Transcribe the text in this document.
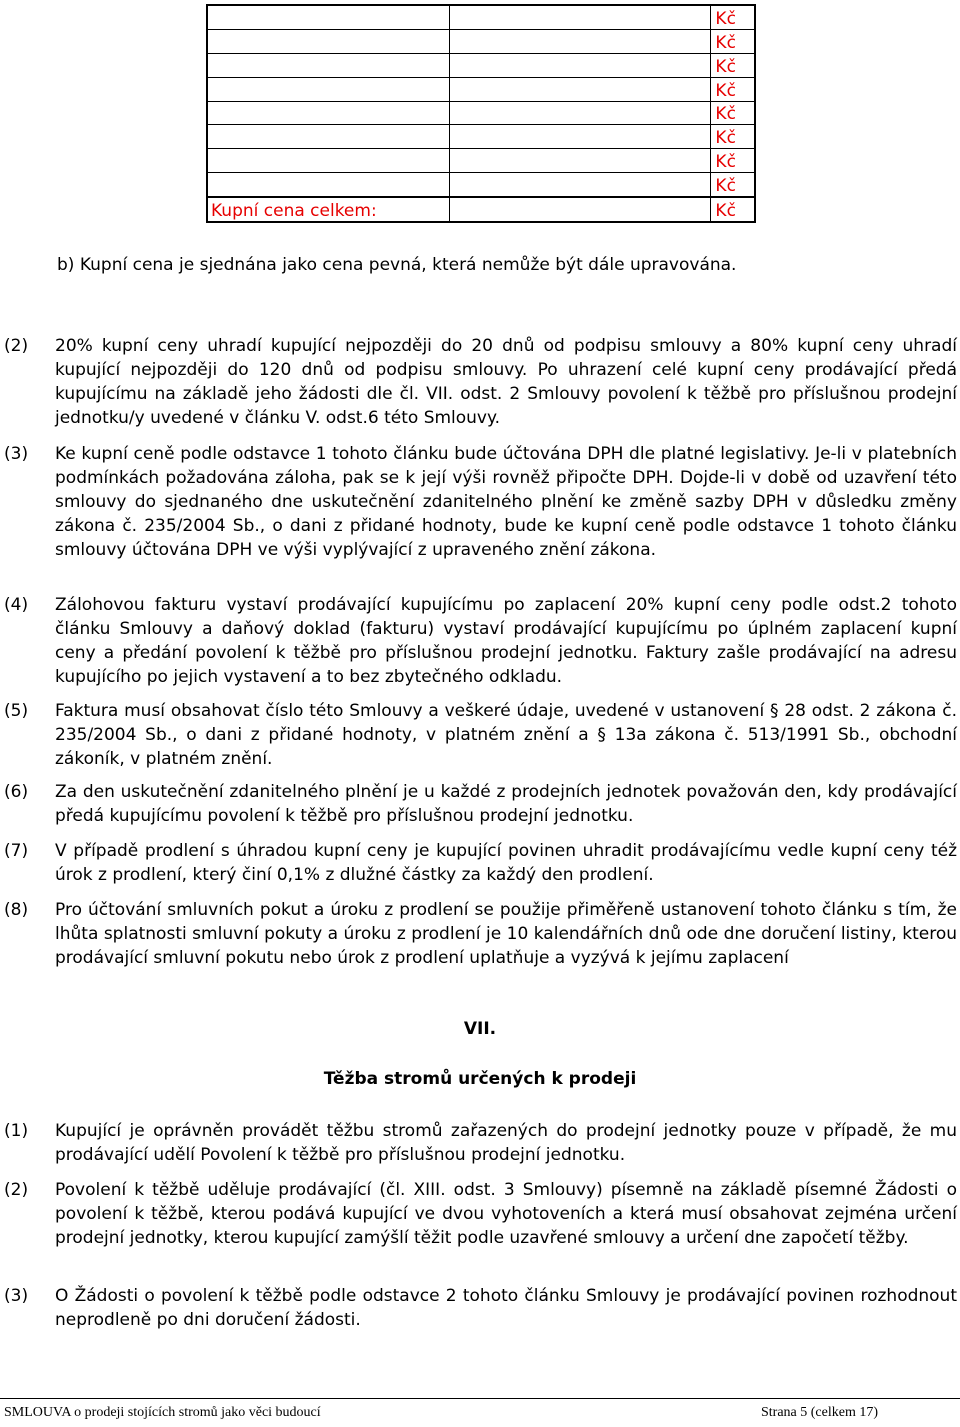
		Kč
		Kč
		Kč
		Kč
		Kč
		Kč
		Kč
		Kč
Kupní cena celkem:		Kč
b) Kupní cena je sjednána jako cena pevná, která nemůže být dále upravována.
(2) 20% kupní ceny uhradí kupující nejpozději do 20 dnů od podpisu smlouvy a 80% kupní ceny uhradí kupující nejpozději do 120 dnů od podpisu smlouvy. Po uhrazení celé kupní ceny prodávající předá kupujícímu na základě jeho žádosti dle čl. VII. odst. 2 Smlouvy povolení k těžbě pro příslušnou prodejní jednotku/y uvedené v článku V. odst.6 této Smlouvy.
(3) Ke kupní ceně podle odstavce 1 tohoto článku bude účtována DPH dle platné legislativy. Je-li v platebních podmínkách požadována záloha, pak se k její výši rovněž připočte DPH. Dojde-li v době od uzavření této smlouvy do sjednaného dne uskutečnění zdanitelného plnění ke změně sazby DPH v důsledku změny zákona č. 235/2004 Sb., o dani z přidané hodnoty, bude ke kupní ceně podle odstavce 1 tohoto článku smlouvy účtována DPH ve výši vyplývající z upraveného znění zákona.
(4) Zálohovou fakturu vystaví prodávající kupujícímu po zaplacení 20% kupní ceny podle odst.2 tohoto článku Smlouvy a daňový doklad (fakturu) vystaví prodávající kupujícímu po úplném zaplacení kupní ceny a předání povolení k těžbě pro příslušnou prodejní jednotku. Faktury zašle prodávající na adresu kupujícího po jejich vystavení a to bez zbytečného odkladu.
(5) Faktura musí obsahovat číslo této Smlouvy a veškeré údaje, uvedené v ustanovení § 28 odst. 2 zákona č. 235/2004 Sb., o dani z přidané hodnoty, v platném znění a § 13a zákona č. 513/1991 Sb., obchodní zákoník, v platném znění.
(6) Za den uskutečnění zdanitelného plnění je u každé z prodejních jednotek považován den, kdy prodávající předá kupujícímu povolení k těžbě pro příslušnou prodejní jednotku.
(7) V případě prodlení s úhradou kupní ceny je kupující povinen uhradit prodávajícímu vedle kupní ceny též úrok z prodlení, který činí 0,1% z dlužné částky za každý den prodlení.
(8) Pro účtování smluvních pokut a úroku z prodlení se použije přiměřeně ustanovení tohoto článku s tím, že lhůta splatnosti smluvní pokuty a úroku z prodlení je 10 kalendářních dnů ode dne doručení listiny, kterou prodávající smluvní pokutu nebo úrok z prodlení uplatňuje a vyzývá k jejímu zaplacení
VII.
Těžba stromů určených k prodeji
(1) Kupující je oprávněn provádět těžbu stromů zařazených do prodejní jednotky pouze v případě, že mu prodávající udělí Povolení k těžbě pro příslušnou prodejní jednotku.
(2) Povolení k těžbě uděluje prodávající (čl. XIII. odst. 3 Smlouvy) písemně na základě písemné Žádosti o povolení k těžbě, kterou podává kupující ve dvou vyhotoveních a která musí obsahovat zejména určení prodejní jednotky, kterou kupující zamýšlí těžit podle uzavřené smlouvy a určení dne započetí těžby.
(3) O Žádosti o povolení k těžbě podle odstavce 2 tohoto článku Smlouvy je prodávající povinen rozhodnout neprodleně po dni doručení žádosti.
SMLOUVA o prodeji stojících stromů jako věci budoucí	Strana 5 (celkem 17)
